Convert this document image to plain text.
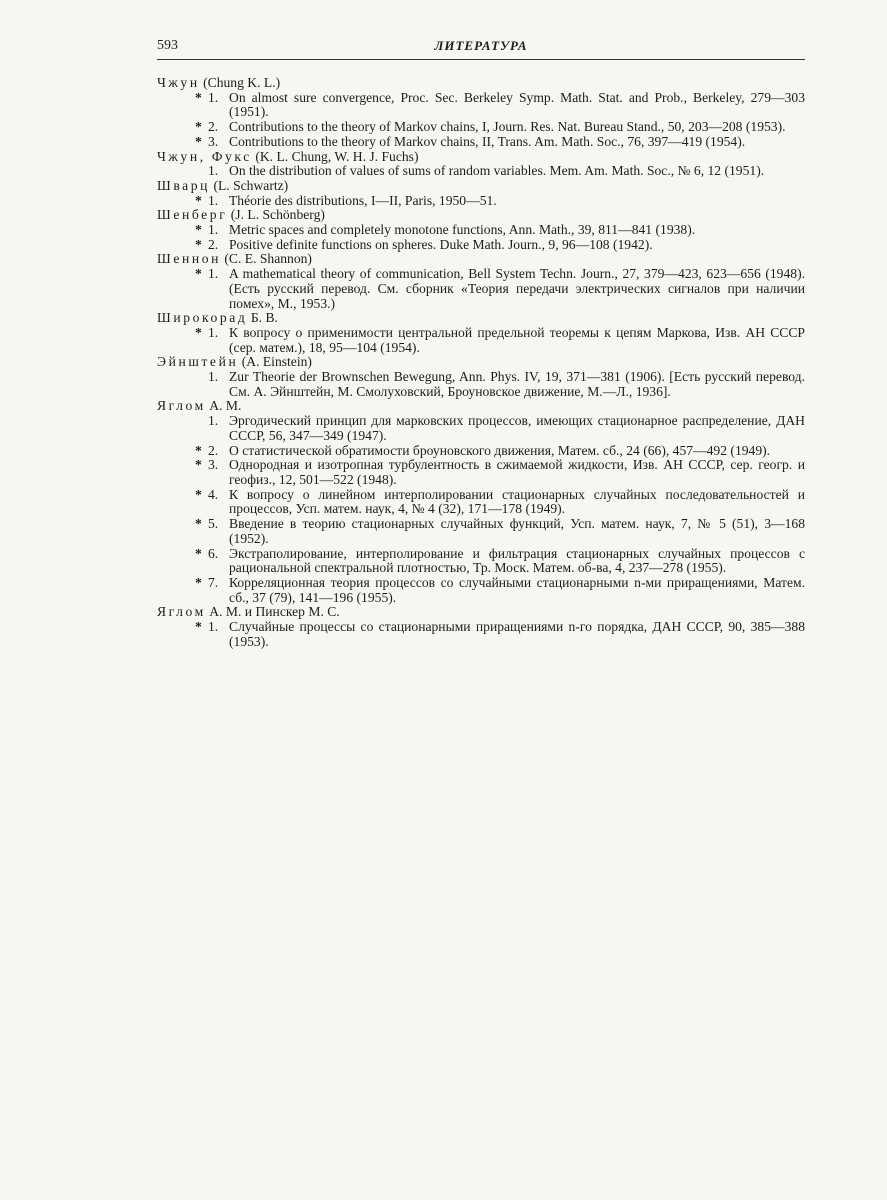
593	ЛИТЕРАТУРА
Чжун (Chung K. L.)
* 1. On almost sure convergence, Proc. Sec. Berkeley Symp. Math. Stat. and Prob., Berkeley, 279—303 (1951).
* 2. Contributions to the theory of Markov chains, I, Journ. Res. Nat. Bureau Stand., 50, 203—208 (1953).
* 3. Contributions to the theory of Markov chains, II, Trans. Am. Math. Soc., 76, 397—419 (1954).
Чжун, Фукс (K. L. Chung, W. H. J. Fuchs)
1. On the distribution of values of sums of random variables. Mem. Am. Math. Soc., № 6, 12 (1951).
Шварц (L. Schwartz)
* 1. Théorie des distributions, I—II, Paris, 1950—51.
Шенберг (J. L. Schönberg)
* 1. Metric spaces and completely monotone functions, Ann. Math., 39, 811—841 (1938).
* 2. Positive definite functions on spheres. Duke Math. Journ., 9, 96—108 (1942).
Шеннон (C. E. Shannon)
* 1. A mathematical theory of communication, Bell System Techn. Journ., 27, 379—423, 623—656 (1948). (Есть русский перевод. См. сборник «Теория передачи электрических сигналов при наличии помех», М., 1953.)
Широкорад Б. В.
* 1. К вопросу о применимости центральной предельной теоремы к цепям Маркова, Изв. АН СССР (сер. матем.), 18, 95—104 (1954).
Эйнштейн (A. Einstein)
1. Zur Theorie der Brownschen Bewegung, Ann. Phys. IV, 19, 371—381 (1906). [Есть русский перевод. См. А. Эйнштейн, М. Смолуховский, Броуновское движение, М.—Л., 1936].
Яглом А. М.
1. Эргодический принцип для марковских процессов, имеющих стационарное распределение, ДАН СССР, 56, 347—349 (1947).
* 2. О статистической обратимости броуновского движения, Матем. сб., 24 (66), 457—492 (1949).
* 3. Однородная и изотропная турбулентность в сжимаемой жидкости, Изв. АН СССР, сер. геогр. и геофиз., 12, 501—522 (1948).
* 4. К вопросу о линейном интерполировании стационарных случайных последовательностей и процессов, Усп. матем. наук, 4, № 4 (32), 171—178 (1949).
* 5. Введение в теорию стационарных случайных функций, Усп. матем. наук, 7, № 5 (51), 3—168 (1952).
* 6. Экстраполирование, интерполирование и фильтрация стационарных случайных процессов с рациональной спектральной плотностью, Тр. Моск. Матем. об-ва, 4, 237—278 (1955).
* 7. Корреляционная теория процессов со случайными стационарными n-ми приращениями, Матем. сб., 37 (79), 141—196 (1955).
Яглом А. М. и Пинскер М. С.
* 1. Случайные процессы со стационарными приращениями n-го порядка, ДАН СССР, 90, 385—388 (1953).
